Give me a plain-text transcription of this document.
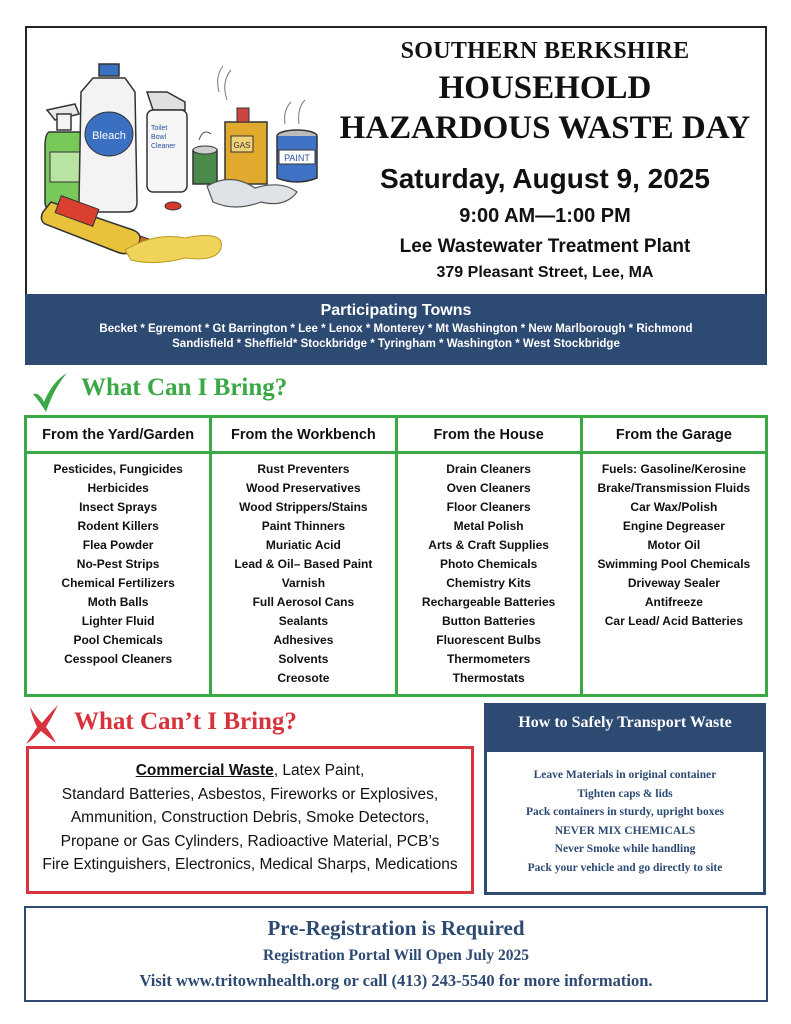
Bleach
Toilet
Bowl
Cleaner	GAS
PAINT
SOUTHERN BERKSHIRE
HOUSEHOLD
HAZARDOUS WASTE DAY
Saturday, August 9, 2025
9:00 AM—1:00 PM
Lee Wastewater Treatment Plant
379 Pleasant Street, Lee, MA
Participating Towns
Becket * Egremont * Gt Barrington * Lee * Lenox * Monterey * Mt Washington * New Marlborough * Richmond
Sandisfield * Sheffield* Stockbridge * Tyringham * Washington * West Stockbridge
What Can I Bring?
From the Yard/Garden
Pesticides, Fungicides
Herbicides
Insect Sprays
Rodent Killers
Flea Powder
No-Pest Strips
Chemical Fertilizers
Moth Balls
Lighter Fluid
Pool Chemicals
Cesspool Cleaners
From the Workbench
Rust Preventers
Wood Preservatives
Wood Strippers/Stains
Paint Thinners
Muriatic Acid
Lead & Oil– Based Paint
Varnish
Full Aerosol Cans
Sealants
Adhesives
Solvents
Creosote
From the House
Drain Cleaners
Oven Cleaners
Floor Cleaners
Metal Polish
Arts & Craft Supplies
Photo Chemicals
Chemistry Kits
Rechargeable Batteries
Button Batteries
Fluorescent Bulbs
Thermometers
Thermostats
From the Garage
Fuels: Gasoline/Kerosine
Brake/Transmission Fluids
Car Wax/Polish
Engine Degreaser
Motor Oil
Swimming Pool Chemicals
Driveway Sealer
Antifreeze
Car Lead/ Acid Batteries
What Can’t I Bring?
Commercial Waste, Latex Paint,
Standard Batteries, Asbestos, Fireworks or Explosives,
Ammunition, Construction Debris, Smoke Detectors,
Propane or Gas Cylinders, Radioactive Material, PCB’s
Fire Extinguishers, Electronics, Medical Sharps, Medications
How to Safely Transport Waste
Leave Materials in original container
Tighten caps & lids
Pack containers in sturdy, upright boxes
NEVER MIX CHEMICALS
Never Smoke while handling
Pack your vehicle and go directly to site
Pre-Registration is Required
Registration Portal Will Open July 2025
Visit www.tritownhealth.org or call (413) 243-5540 for more information.
